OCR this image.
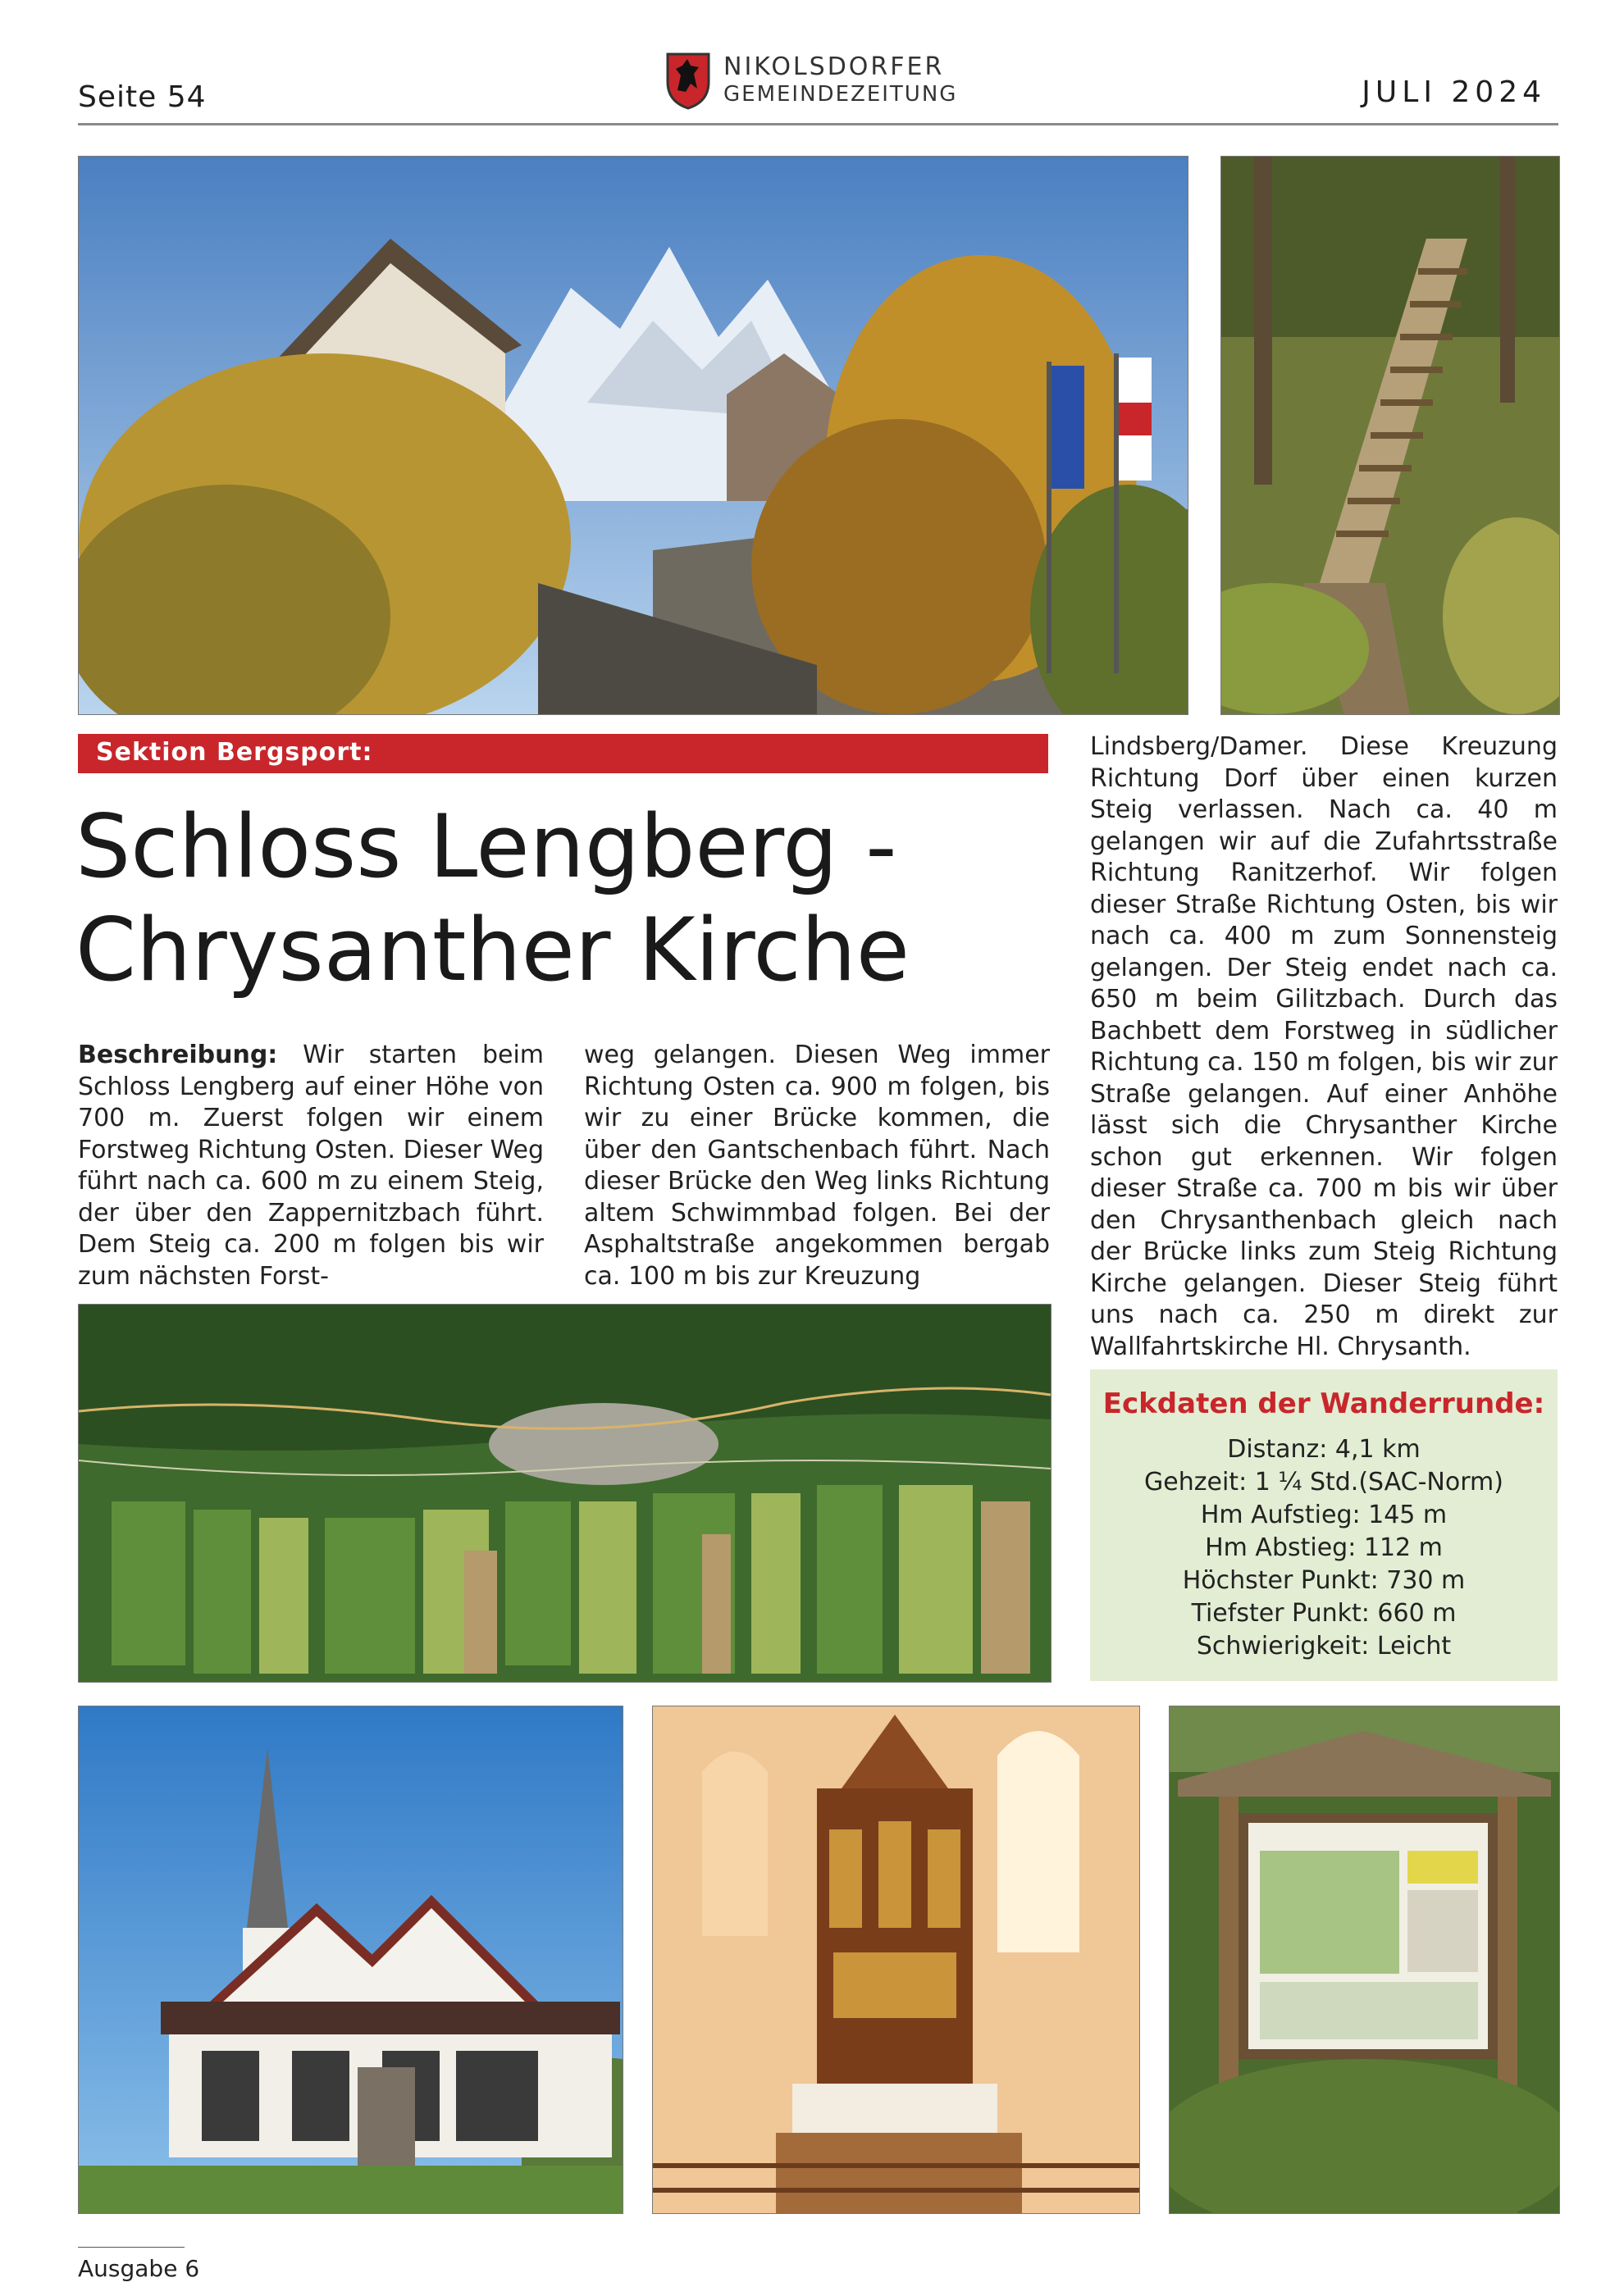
Seite 54
NIKOLSDORFER
GEMEINDEZEITUNG	JULI 2024
Sektion Bergsport:
Schloss Lengberg -
Chrysanther Kirche

Beschreibung: Wir starten beim Schloss Lengberg auf einer Höhe von 700 m. Zuerst folgen wir einem Forstweg Richtung Osten. Dieser Weg führt nach ca. 600 m zu einem Steig, der über den Zappernitzbach führt. Dem Steig ca. 200 m folgen bis wir zum nächsten Forst-

weg gelangen. Diesen Weg immer Richtung Osten ca. 900 m folgen, bis wir zu einer Brücke kommen, die über den Gantschenbach führt. Nach dieser Brücke den Weg links Richtung altem Schwimmbad folgen. Bei der Asphaltstraße angekommen bergab ca. 100 m bis zur Kreuzung

Lindsberg/Damer. Diese Kreuzung Richtung Dorf über einen kurzen Steig verlassen. Nach ca. 40 m gelangen wir auf die Zufahrtsstraße Richtung Ranitzerhof. Wir folgen dieser Straße Richtung Osten, bis wir nach ca. 400 m zum Sonnensteig gelangen. Der Steig endet nach ca. 650 m beim Gilitzbach. Durch das Bachbett dem Forstweg in südlicher Richtung ca. 150 m folgen, bis wir zur Straße gelangen. Auf einer Anhöhe lässt sich die Chrysanther Kirche schon gut erkennen. Wir folgen dieser Straße ca. 700 m bis wir über den Chrysanthenbach gleich nach der Brücke links zum Steig Richtung Kirche gelangen. Dieser Steig führt uns nach ca. 250 m direkt zur Wallfahrtskirche Hl. Chrysanth.

Eckdaten der Wanderrunde:
Distanz: 4,1 km
Gehzeit: 1 ¼ Std.(SAC-Norm)
Hm Aufstieg: 145 m
Hm Abstieg: 112 m
Höchster Punkt: 730 m
Tiefster Punkt: 660 m
Schwierigkeit: Leicht
Ausgabe 6
